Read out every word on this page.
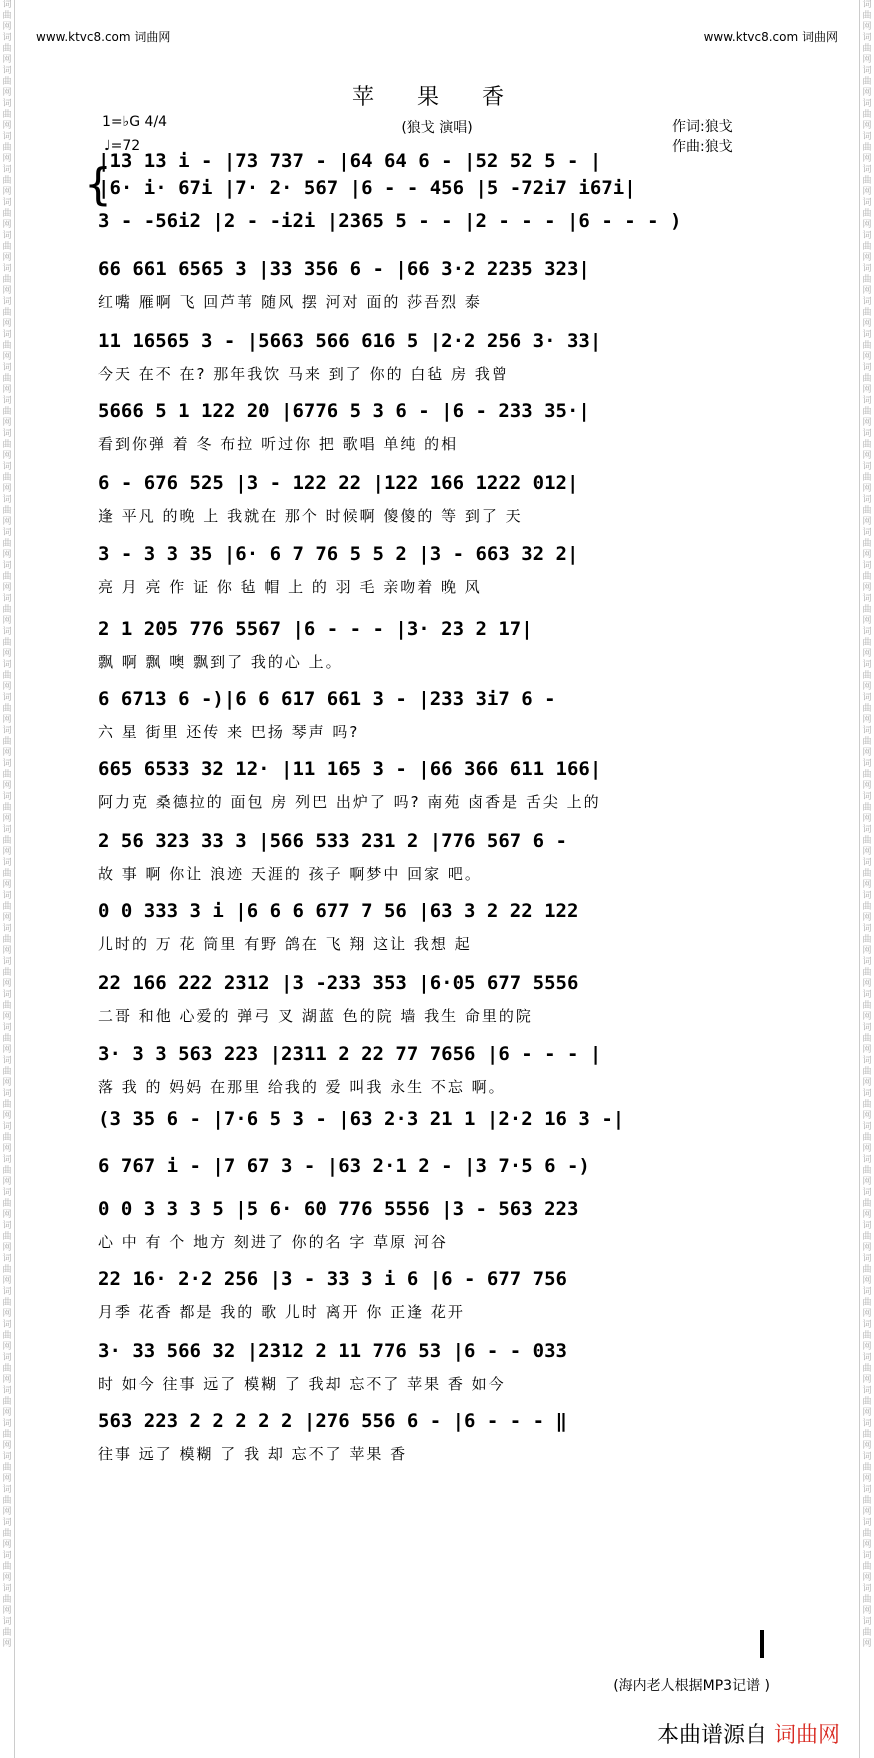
词曲网词曲网词曲网词曲网词曲网词曲网词曲网词曲网词曲网词曲网词曲网词曲网词曲网词曲网词曲网词曲网词曲网词曲网词曲网词曲网词曲网词曲网词曲网词曲网词曲网词曲网词曲网词曲网词曲网词曲网词曲网词曲网词曲网词曲网词曲网词曲网词曲网词曲网词曲网词曲网词曲网词曲网词曲网词曲网词曲网词曲网词曲网词曲网词曲网词曲网
词曲网词曲网词曲网词曲网词曲网词曲网词曲网词曲网词曲网词曲网词曲网词曲网词曲网词曲网词曲网词曲网词曲网词曲网词曲网词曲网词曲网词曲网词曲网词曲网词曲网词曲网词曲网词曲网词曲网词曲网词曲网词曲网词曲网词曲网词曲网词曲网词曲网词曲网词曲网词曲网词曲网词曲网词曲网词曲网词曲网词曲网词曲网词曲网词曲网词曲网
www.ktvc8.com 词曲网	www.ktvc8.com 词曲网
苹 果 香
(狼戈 演唱)
1=♭G 4/4
♩=72
作词:狼戈
作曲:狼戈
{
|13 13 i - |73 737 - |64 64 6 - |52 52 5 - |
|6· i· 67i |7· 2· 567 |6 - - 456 |5 -72i7 i67i|
3 - -56i2 |2 - -i2i |2365 5 - - |2 - - - |6 - - - )
66 661 6565 3 |33 356 6 - |66 3·2 2235 323|
红嘴 雁啊 飞 回芦苇 随风 摆 河对 面的 莎吾烈 泰
11 16565 3 - |5663 566 616 5 |2·2 256 3· 33|
今天 在不 在? 那年我饮 马来 到了 你的 白毡 房 我曾
5666 5 1 122 20 |6776 5 3 6 - |6 - 233 35·|
看到你弹 着 冬 布拉 听过你 把 歌唱 单纯 的相
6 - 676 525 |3 - 122 22 |122 166 1222 012|
逢 平凡 的晚 上 我就在 那个 时候啊 傻傻的 等 到了 天
3 - 3 3 35 |6· 6 7 76 5 5 2 |3 - 663 32 2|
亮 月 亮 作 证 你 毡 帽 上 的 羽 毛 亲吻着 晚 风
2 1 205 776 5567 |6 - - - |3· 23 2 17|
飘 啊 飘 噢 飘到了 我的心 上。
6 6713 6 -)|6 6 617 661 3 - |233 3i7 6 -
六 星 街里 还传 来 巴扬 琴声 吗?
665 6533 32 12· |11 165 3 - |66 366 611 166|
阿力克 桑德拉的 面包 房 列巴 出炉了 吗? 南苑 卤香是 舌尖 上的
2 56 323 33 3 |566 533 231 2 |776 567 6 -
故 事 啊 你让 浪迹 天涯的 孩子 啊梦中 回家 吧。
0 0 333 3 i |6 6 6 677 7 56 |63 3 2 22 122
儿时的 万 花 筒里 有野 鸽在 飞 翔 这让 我想 起
22 166 222 2312 |3 -233 353 |6·05 677 5556
二哥 和他 心爱的 弹弓 叉 湖蓝 色的院 墙 我生 命里的院
3· 3 3 563 223 |2311 2 22 77 7656 |6 - - - |
落 我 的 妈妈 在那里 给我的 爱 叫我 永生 不忘 啊。
(3 35 6 - |7·6 5 3 - |63 2·3 21 1 |2·2 16 3 -|
6 767 i - |7 67 3 - |63 2·1 2 - |3 7·5 6 -)
0 0 3 3 3 5 |5 6· 60 776 5556 |3 - 563 223
心 中 有 个 地方 刻进了 你的名 字 草原 河谷
22 16· 2·2 256 |3 - 33 3 i 6 |6 - 677 756
月季 花香 都是 我的 歌 儿时 离开 你 正逢 花开
3· 33 566 32 |2312 2 11 776 53 |6 - - 033
时 如今 往事 远了 模糊 了 我却 忘不了 苹果 香 如今
563 223 2 2 2 2 2 |276 556 6 - |6 - - - ‖
往事 远了 模糊 了 我 却 忘不了 苹果 香
(海内老人根据MP3记谱 )
本曲谱源自 词曲网
